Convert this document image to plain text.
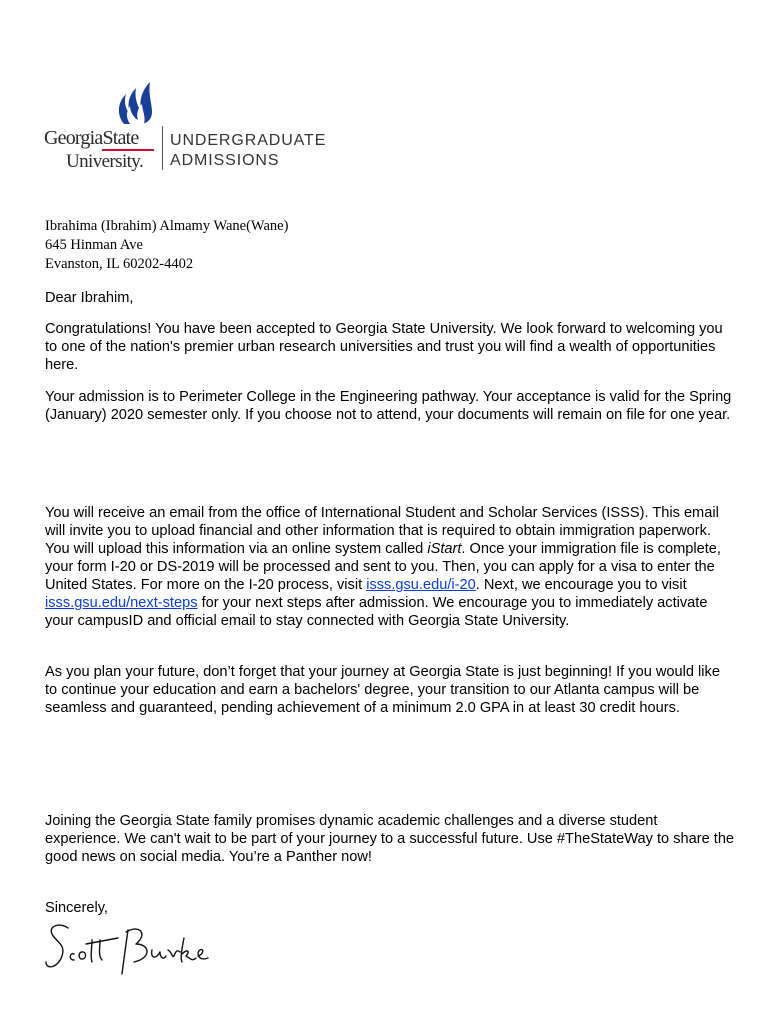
GeorgiaState
University.
UNDERGRADUATE
ADMISSIONS
Ibrahima (Ibrahim) Almamy Wane(Wane)
645 Hinman Ave
Evanston, IL 60202-4402

Dear Ibrahim,

Congratulations! You have been accepted to Georgia State University. We look forward to welcoming you to one of the nation's premier urban research universities and trust you will find a wealth of opportunities here.

Your admission is to Perimeter College in the Engineering pathway. Your acceptance is valid for the Spring (January) 2020 semester only. If you choose not to attend, your documents will remain on file for one year.

You will receive an email from the office of International Student and Scholar Services (ISSS). This email will invite you to upload financial and other information that is required to obtain immigration paperwork. You will upload this information via an online system called iStart. Once your immigration file is complete, your form I-20 or DS-2019 will be processed and sent to you. Then, you can apply for a visa to enter the United States. For more on the I-20 process, visit isss.gsu.edu/i-20. Next, we encourage you to visit isss.gsu.edu/next-steps for your next steps after admission. We encourage you to immediately activate your campusID and official email to stay connected with Georgia State University.

As you plan your future, don’t forget that your journey at Georgia State is just beginning! If you would like to continue your education and earn a bachelors' degree, your transition to our Atlanta campus will be seamless and guaranteed, pending achievement of a minimum 2.0 GPA in at least 30 credit hours.

Joining the Georgia State family promises dynamic academic challenges and a diverse student experience. We can't wait to be part of your journey to a successful future. Use #TheStateWay to share the good news on social media. You’re a Panther now!

Sincerely,
